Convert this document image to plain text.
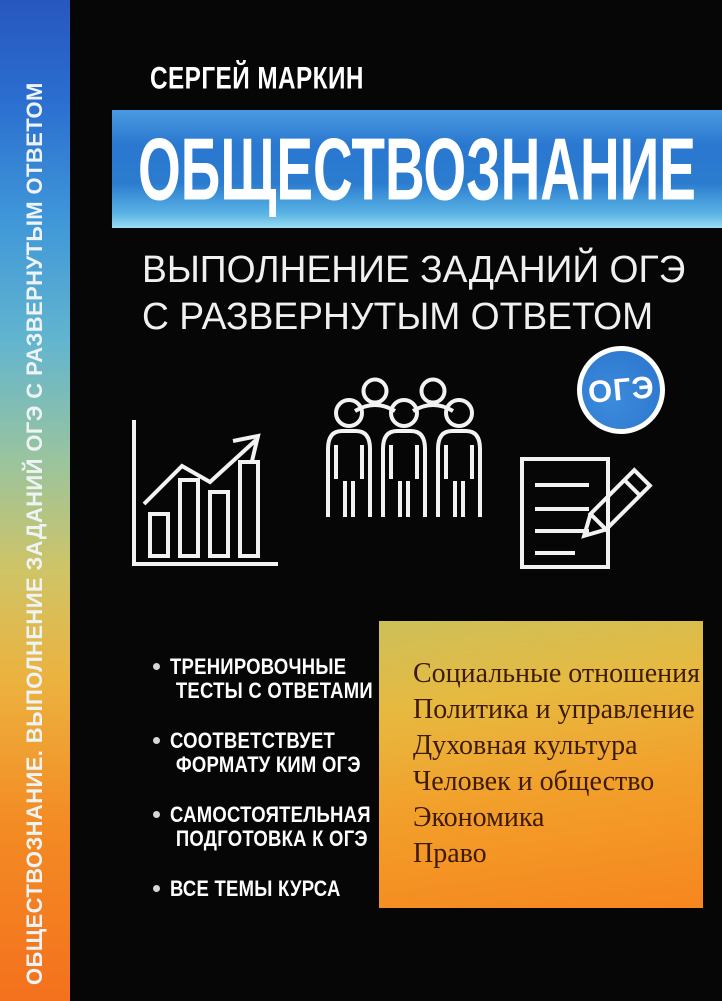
ОБЩЕСТВОЗНАНИЕ. ВЫПОЛНЕНИЕ ЗАДАНИЙ ОГЭ С РАЗВЕРНУТЫМ ОТВЕТОМ
СЕРГЕЙ МАРКИН
ОБЩЕСТВОЗНАНИЕ
ВЫПОЛНЕНИЕ ЗАДАНИЙ ОГЭ
С РАЗВЕРНУТЫМ ОТВЕТОМ
ОГЭ
ТРЕНИРОВОЧНЫЕ
ТЕСТЫ С ОТВЕТАМИ
СООТВЕТСТВУЕТ
ФОРМАТУ КИМ ОГЭ
САМОСТОЯТЕЛЬНАЯ
ПОДГОТОВКА К ОГЭ
ВСЕ ТЕМЫ КУРСА
Социальные отношения
Политика и управление
Духовная культура
Человек и общество
Экономика
Право
